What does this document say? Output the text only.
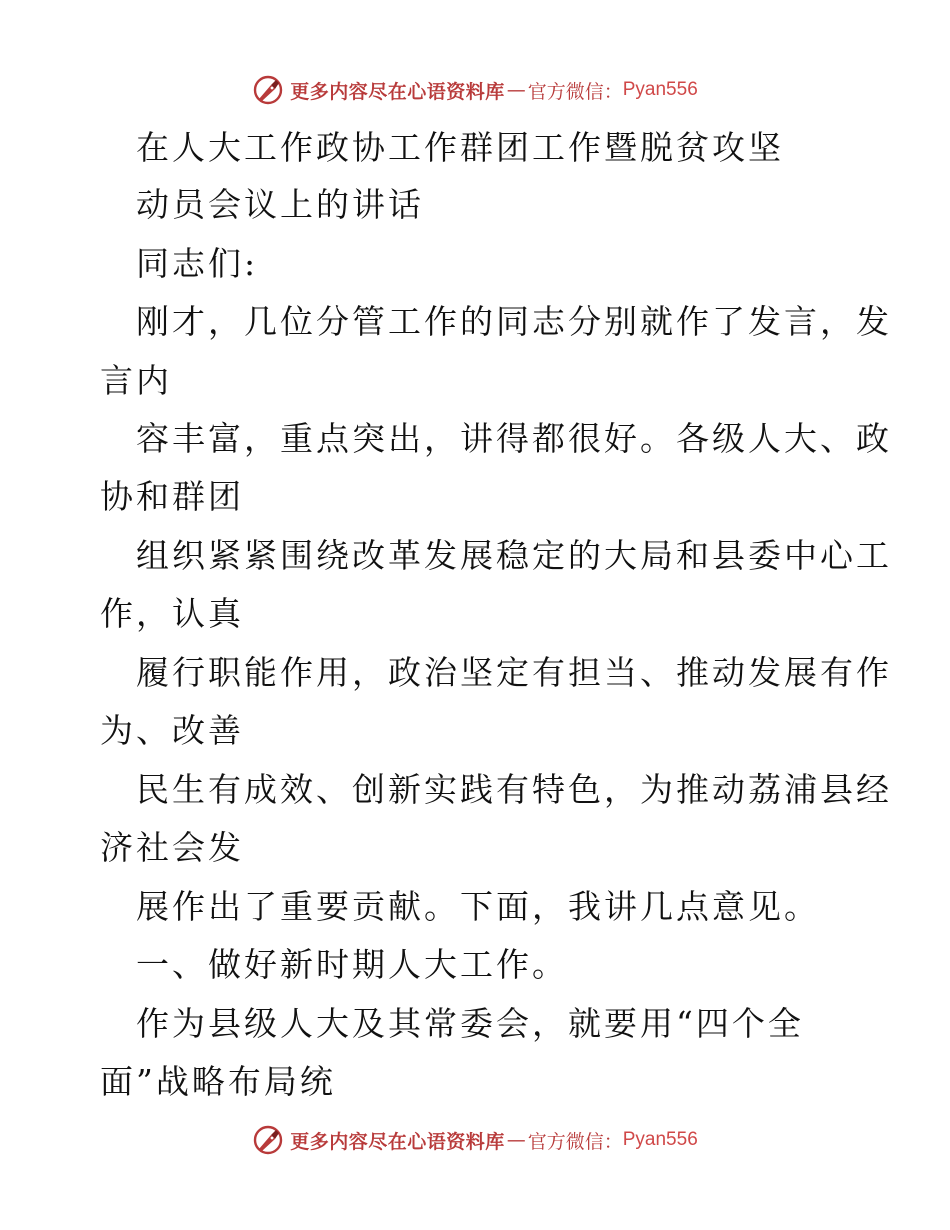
更多内容尽在心语资料库 — 官方微信： Pyan556
在人大工作政协工作群团工作暨脱贫攻坚
动员会议上的讲话
同志们:
刚才，几位分管工作的同志分别就作了发言，发
言内
容丰富，重点突出，讲得都很好。各级人大、政
协和群团
组织紧紧围绕改革发展稳定的大局和县委中心工
作，认真
履行职能作用，政治坚定有担当、推动发展有作
为、改善
民生有成效、创新实践有特色，为推动荔浦县经
济社会发
展作出了重要贡献。下面，我讲几点意见。
一、做好新时期人大工作。
作为县级人大及其常委会，就要用“四个全
面”战略布局统
更多内容尽在心语资料库 — 官方微信： Pyan556
